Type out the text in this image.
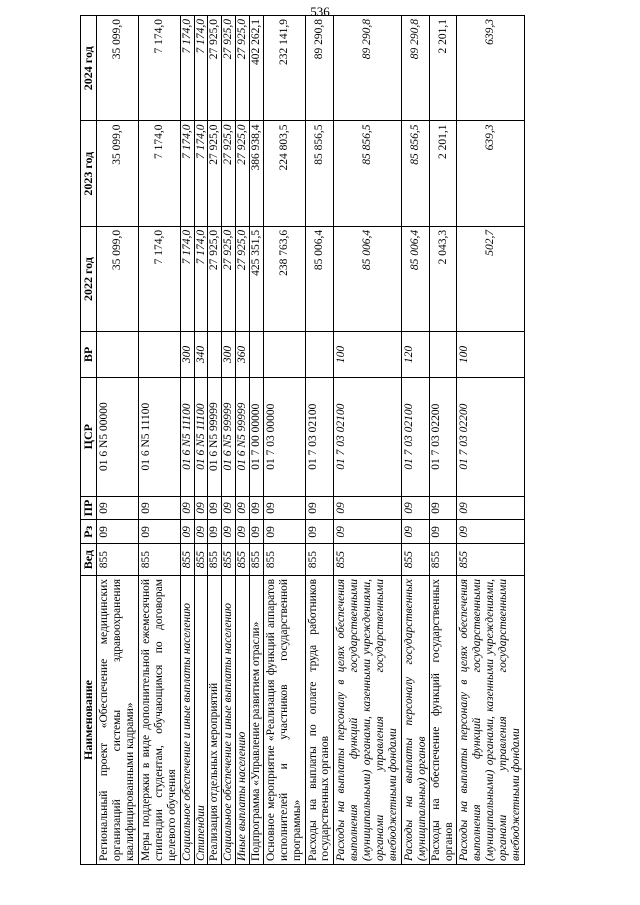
536
Наименование	Вед	Рз	ПР	ЦСР	ВР	2022 год	2023 год	2024 год
Региональный проект «Обеспечение медицинских организаций системы здравоохранения квалифицированными кадрами»	855	09	09	01 6 N5 00000		35 099,0	35 099,0	35 099,0
Меры поддержки в виде дополнительной ежемесячной стипендии студентам, обучающимся по договорам целевого обучения	855	09	09	01 6 N5 11100		7 174,0	7 174,0	7 174,0
Социальное обеспечение и иные выплаты населению	855	09	09	01 6 N5 11100	300	7 174,0	7 174,0	7 174,0
Стипендии	855	09	09	01 6 N5 11100	340	7 174,0	7 174,0	7 174,0
Реализация отдельных мероприятий	855	09	09	01 6 N5 99999		27 925,0	27 925,0	27 925,0
Социальное обеспечение и иные выплаты населению	855	09	09	01 6 N5 99999	300	27 925,0	27 925,0	27 925,0
Иные выплаты населению	855	09	09	01 6 N5 99999	360	27 925,0	27 925,0	27 925,0
Подпрограмма «Управление развитием отрасли»	855	09	09	01 7 00 00000		425 351,5	386 938,4	402 262,1
Основное мероприятие «Реализация функций аппаратов исполнителей и участников государственной программы»	855	09	09	01 7 03 00000		238 763,6	224 803,5	232 141,9
Расходы на выплаты по оплате труда работников государственных органов	855	09	09	01 7 03 02100		85 006,4	85 856,5	89 290,8
Расходы на выплаты персоналу в целях обеспечения выполнения функций государственными (муниципальными) органами, казенными учреждениями, органами управления государственными внебюджетными фондами	855	09	09	01 7 03 02100	100	85 006,4	85 856,5	89 290,8
Расходы на выплаты персоналу государственных (муниципальных) органов	855	09	09	01 7 03 02100	120	85 006,4	85 856,5	89 290,8
Расходы на обеспечение функций государственных органов	855	09	09	01 7 03 02200		2 043,3	2 201,1	2 201,1
Расходы на выплаты персоналу в целях обеспечения выполнения функций государственными (муниципальными) органами, казенными учреждениями, органами управления государственными внебюджетными фондами	855	09	09	01 7 03 02200	100	502,7	639,3	639,3
